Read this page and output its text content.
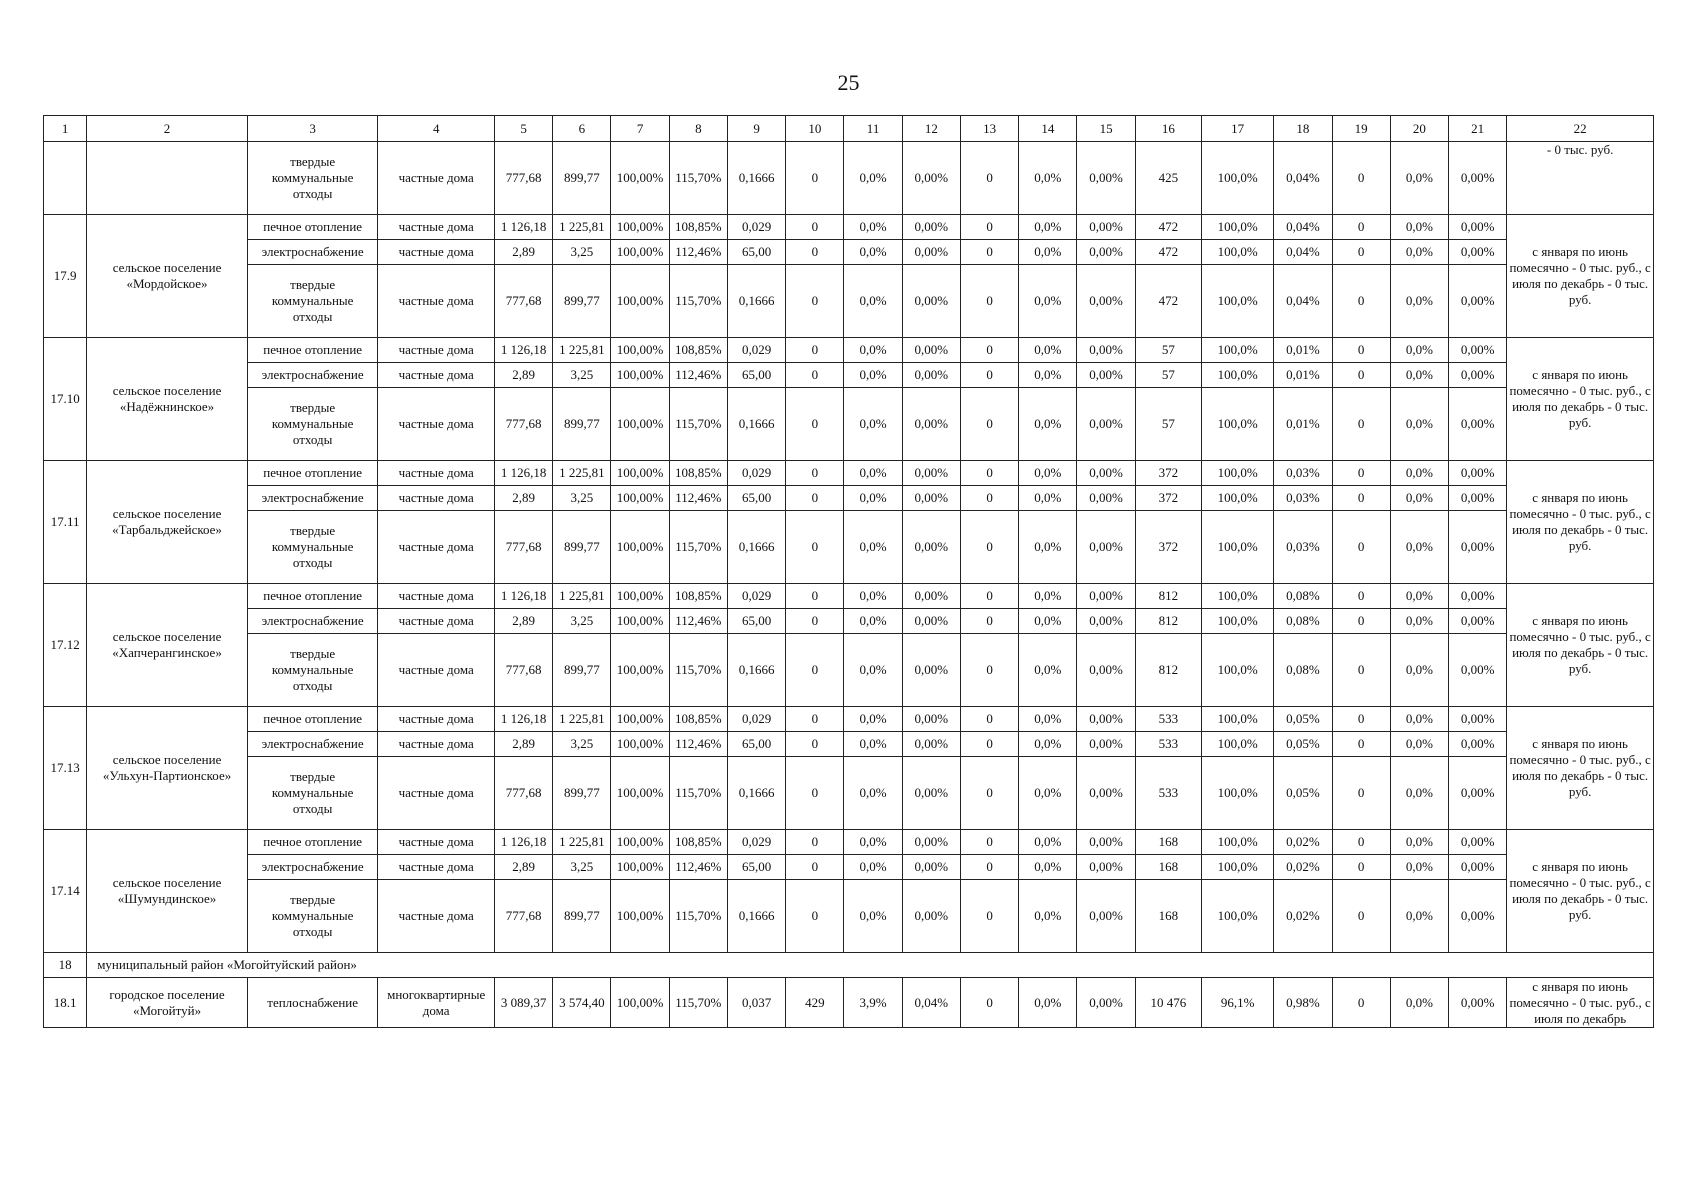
25
1	2	3	4	5	6	7	8	9	10	11	12	13	14	15	16	17	18	19	20	21	22
		твердые коммунальные отходы	частные дома	777,68	899,77	100,00%	115,70%	0,1666	0	0,0%	0,00%	0	0,0%	0,00%	425	100,0%	0,04%	0	0,0%	0,00%	- 0 тыс. руб.
17.9	сельское поселение «Мордойское»	печное отопление	частные дома	1 126,18	1 225,81	100,00%	108,85%	0,029	0	0,0%	0,00%	0	0,0%	0,00%	472	100,0%	0,04%	0	0,0%	0,00%	с января по июнь помесячно - 0 тыс. руб., с июля по декабрь - 0 тыс. руб.
		электроснабжение	частные дома	2,89	3,25	100,00%	112,46%	65,00	0	0,0%	0,00%	0	0,0%	0,00%	472	100,0%	0,04%	0	0,0%	0,00%	
		твердые коммунальные отходы	частные дома	777,68	899,77	100,00%	115,70%	0,1666	0	0,0%	0,00%	0	0,0%	0,00%	472	100,0%	0,04%	0	0,0%	0,00%	
17.10	сельское поселение «Надёжнинское»	печное отопление	частные дома	1 126,18	1 225,81	100,00%	108,85%	0,029	0	0,0%	0,00%	0	0,0%	0,00%	57	100,0%	0,01%	0	0,0%	0,00%	с января по июнь помесячно - 0 тыс. руб., с июля по декабрь - 0 тыс. руб.
		электроснабжение	частные дома	2,89	3,25	100,00%	112,46%	65,00	0	0,0%	0,00%	0	0,0%	0,00%	57	100,0%	0,01%	0	0,0%	0,00%	
		твердые коммунальные отходы	частные дома	777,68	899,77	100,00%	115,70%	0,1666	0	0,0%	0,00%	0	0,0%	0,00%	57	100,0%	0,01%	0	0,0%	0,00%	
17.11	сельское поселение «Тарбальджейское»	печное отопление	частные дома	1 126,18	1 225,81	100,00%	108,85%	0,029	0	0,0%	0,00%	0	0,0%	0,00%	372	100,0%	0,03%	0	0,0%	0,00%	с января по июнь помесячно - 0 тыс. руб., с июля по декабрь - 0 тыс. руб.
		электроснабжение	частные дома	2,89	3,25	100,00%	112,46%	65,00	0	0,0%	0,00%	0	0,0%	0,00%	372	100,0%	0,03%	0	0,0%	0,00%	
		твердые коммунальные отходы	частные дома	777,68	899,77	100,00%	115,70%	0,1666	0	0,0%	0,00%	0	0,0%	0,00%	372	100,0%	0,03%	0	0,0%	0,00%	
17.12	сельское поселение «Хапчерангинское»	печное отопление	частные дома	1 126,18	1 225,81	100,00%	108,85%	0,029	0	0,0%	0,00%	0	0,0%	0,00%	812	100,0%	0,08%	0	0,0%	0,00%	с января по июнь помесячно - 0 тыс. руб., с июля по декабрь - 0 тыс. руб.
		электроснабжение	частные дома	2,89	3,25	100,00%	112,46%	65,00	0	0,0%	0,00%	0	0,0%	0,00%	812	100,0%	0,08%	0	0,0%	0,00%	
		твердые коммунальные отходы	частные дома	777,68	899,77	100,00%	115,70%	0,1666	0	0,0%	0,00%	0	0,0%	0,00%	812	100,0%	0,08%	0	0,0%	0,00%	
17.13	сельское поселение «Ульхун-Партионское»	печное отопление	частные дома	1 126,18	1 225,81	100,00%	108,85%	0,029	0	0,0%	0,00%	0	0,0%	0,00%	533	100,0%	0,05%	0	0,0%	0,00%	с января по июнь помесячно - 0 тыс. руб., с июля по декабрь - 0 тыс. руб.
		электроснабжение	частные дома	2,89	3,25	100,00%	112,46%	65,00	0	0,0%	0,00%	0	0,0%	0,00%	533	100,0%	0,05%	0	0,0%	0,00%	
		твердые коммунальные отходы	частные дома	777,68	899,77	100,00%	115,70%	0,1666	0	0,0%	0,00%	0	0,0%	0,00%	533	100,0%	0,05%	0	0,0%	0,00%	
17.14	сельское поселение «Шумундинское»	печное отопление	частные дома	1 126,18	1 225,81	100,00%	108,85%	0,029	0	0,0%	0,00%	0	0,0%	0,00%	168	100,0%	0,02%	0	0,0%	0,00%	с января по июнь помесячно - 0 тыс. руб., с июля по декабрь - 0 тыс. руб.
		электроснабжение	частные дома	2,89	3,25	100,00%	112,46%	65,00	0	0,0%	0,00%	0	0,0%	0,00%	168	100,0%	0,02%	0	0,0%	0,00%	
		твердые коммунальные отходы	частные дома	777,68	899,77	100,00%	115,70%	0,1666	0	0,0%	0,00%	0	0,0%	0,00%	168	100,0%	0,02%	0	0,0%	0,00%	
18	муниципальный район «Могойтуйский район»																				
18.1	городское поселение «Могойтуй»	теплоснабжение	многоквартирные дома	3 089,37	3 574,40	100,00%	115,70%	0,037	429	3,9%	0,04%	0	0,0%	0,00%	10 476	96,1%	0,98%	0	0,0%	0,00%	с января по июнь помесячно - 0 тыс. руб., с июля по декабрь
